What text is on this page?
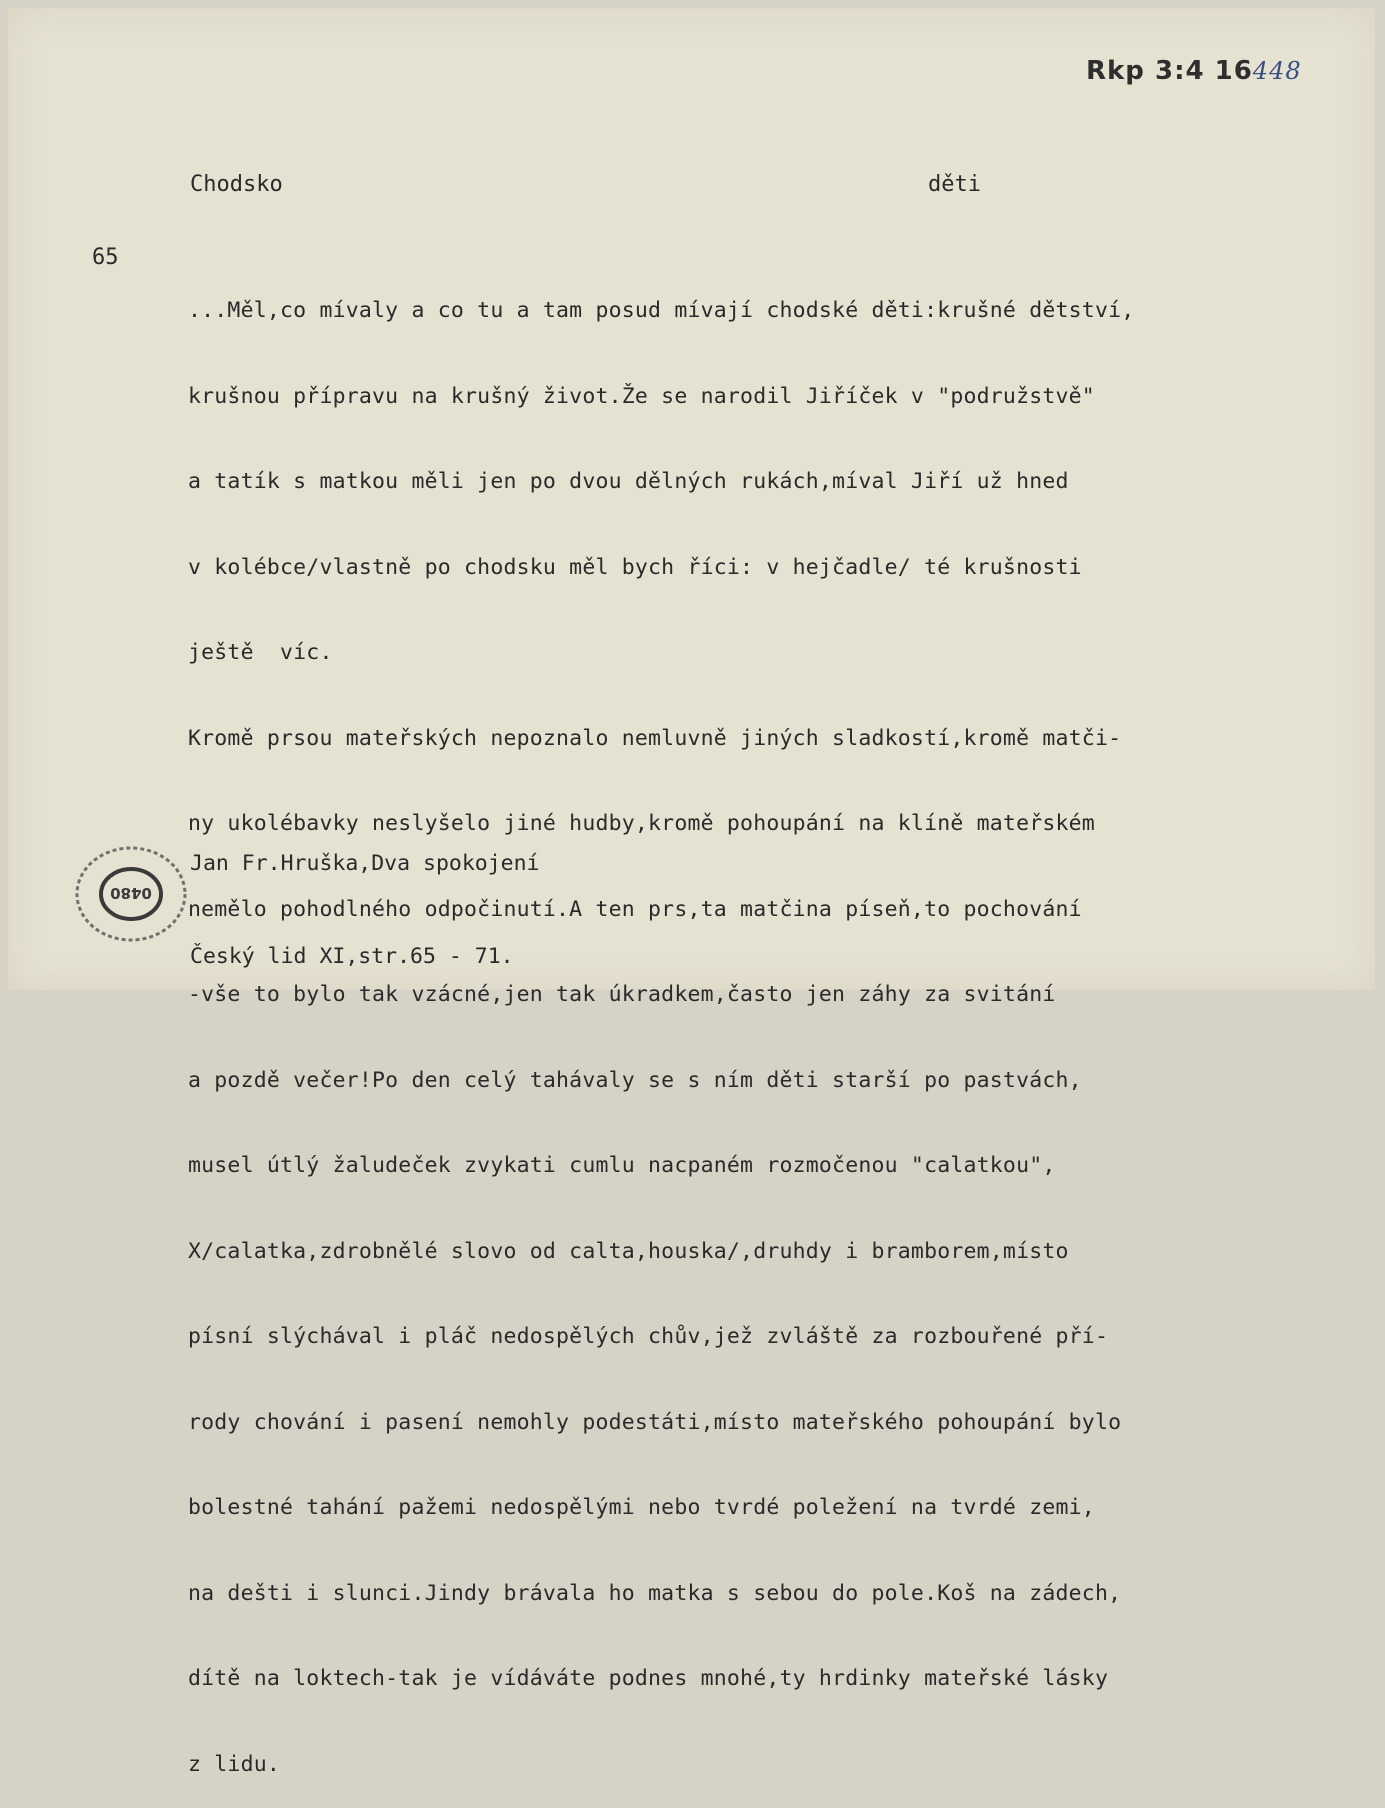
Rkp 3:4 16448
Chodsko	děti
65

...Měl,co mívaly a co tu a tam posud mívají chodské děti:krušné dětství,

krušnou přípravu na krušný život.Že se narodil Jiříček v "podružstvě"

a tatík s matkou měli jen po dvou dělných rukách,míval Jiří už hned

v kolébce/vlastně po chodsku měl bych říci: v hejčadle/ té krušnosti

ještě  víc.

Kromě prsou mateřských nepoznalo nemluvně jiných sladkostí,kromě matči-

ny ukolébavky neslyšelo jiné hudby,kromě pohoupání na klíně mateřském

nemělo pohodlného odpočinutí.A ten prs,ta matčina píseň,to pochování

-vše to bylo tak vzácné,jen tak úkradkem,často jen záhy za svitání

a pozdě večer!Po den celý tahávaly se s ním děti starší po pastvách,

musel útlý žaludeček zvykati cumlu nacpaném rozmočenou "calatkou",

X/calatka,zdrobnělé slovo od calta,houska/,druhdy i bramborem,místo

písní slýchával i pláč nedospělých chův,jež zvláště za rozbouřené pří-

rody chování i pasení nemohly podestáti,místo mateřského pohoupání bylo

bolestné tahání pažemi nedospělými nebo tvrdé poležení na tvrdé zemi,

na dešti i slunci.Jindy brávala ho matka s sebou do pole.Koš na zádech,

dítě na loktech-tak je vídáváte podnes mnohé,ty hrdinky mateřské lásky

z lidu.

Jan Fr.Hruška,Dva spokojení

Český lid XI,str.65 - 71.

0480
